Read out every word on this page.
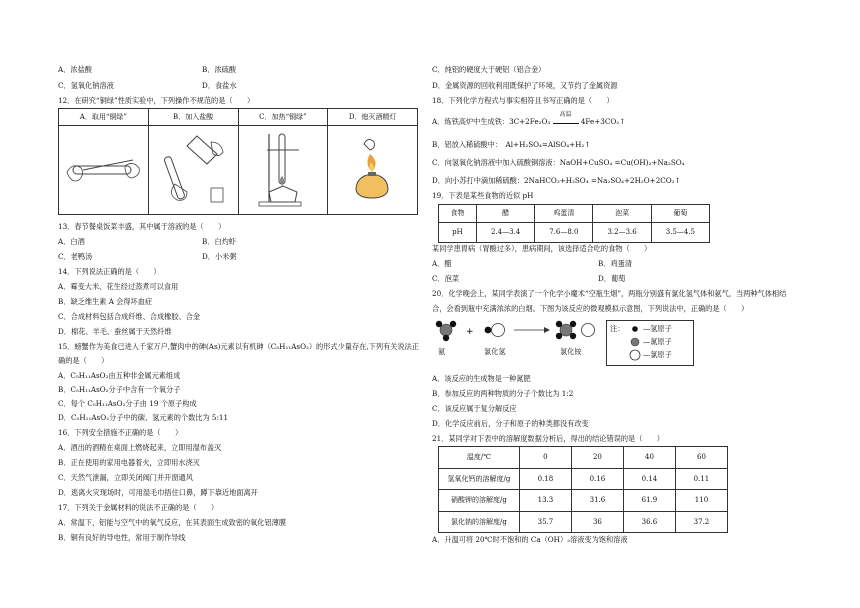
A．浓盐酸	B．浓硫酸
C．氢氧化钠溶液	D．食盐水
12．在研究“铜绿”性质实验中，下列操作不规范的是（　　）
A．取用“铜绿”	B．加入盐酸	C．加热“铜绿”	D．熄灭酒精灯

13．春节餐桌饭菜丰盛，其中属于溶液的是（　　）
A．白酒	B．白灼虾
C．老鸭汤	D．小米粥
14．下列说法正确的是（　　）
A．霉变大米、花生经过蒸煮可以食用
B．缺乏维生素 A 会得坏血症
C．合成材料包括合成纤维、合成橡胶、合金
D．棉花、羊毛、蚕丝属于天然纤维
15．螃蟹作为美食已进入千家万户,蟹肉中的砷(As)元素以有机砷（C₅H₁₁AsO₂）的形式少量存在,下列有关说法正
确的是（　　）
A．C₅H₁₁AsO₂由五种非金属元素组成
B．C₅H₁₁AsO₂分子中含有一个氧分子
C．每个 C₅H₁₁AsO₂分子由 19 个原子构成
D．C₅H₁₁AsO₂分子中的碳、氢元素的个数比为 5:11
16．下列安全措施不正确的是（　　）
A．酒出的酒精在桌面上燃烧起来，立即用湿布盖灭
B．正在使用的家用电器着火，立即用水浇灭
C．天然气泄漏，立即关闭阀门并开窗通风
D．逃离火灾现场时，可用湿毛巾捂住口鼻，蹲下靠近地面离开
17．下列关于金属材料的说法不正确的是（　　）
A．常温下，铝能与空气中的氧气反应，在其表面生成致密的氧化铝薄膜
B．铜有良好的导电性，常用于制作导线
C．纯铝的硬度大于硬铝（铝合金）
D．金属资源的回收利用既保护了环境，又节约了金属资源
18．下列化学方程式与事实相符且书写正确的是（　　）
A．炼铁高炉中生成铁：3C+2Fe₂O₃
高温
4Fe+3CO₂↑
B．铝放入稀硫酸中：　Al+H₂SO₄=AlSO₄+H₂↑
C．向氢氧化钠溶液中加入硫酸铜溶液：NaOH+CuSO₄ =Cu(OH)₂+Na₂SO₄
D．向小苏打中滴加稀硫酸：2NaHCO₃+H₂SO₄ =Na₂SO₄+2H₂O+2CO₂↑
19．下表是某些食物的近似 pH
食物	醋	鸡蛋清	泡菜	葡萄
pH	2.4—3.4	7.6—8.0	3.2—3.6	3.5—4.5
某同学患胃病（胃酸过多），患病期间，该选择适合吃的食物（　　）
A．醋	B．鸡蛋清
C．泡菜	D．葡萄
20．化学晚会上，某同学表演了一个化学小魔术“空瓶生烟”，两瓶分别盛有氯化氢气体和氨气，当两种气体相结
合，会看到瓶中充满浓浓的白烟。下图为该反应的微观模拟示意图，下列说法中，正确的是（　　）
+
氨	氯化氢	氯化铵
注：	—氢原子
—氮原子
—氯原子
A．该反应的生成物是一种氮肥
B．参加反应的两种物质的分子个数比为 1:2
C．该反应属于复分解反应
D．化学反应前后，分子和原子的种类都没有改变
21．某同学对下表中的溶解度数据分析后，得出的结论错误的是（　　）
温度/℃	0	20	40	60
氢氧化钙的溶解度/g	0.18	0.16	0.14	0.11
硝酸钾的溶解度/g	13.3	31.6	61.9	110
氯化钠的溶解度/g	35.7	36	36.6	37.2
A．升温可将 20℃时不饱和的 Ca（OH）₂溶液变为饱和溶液
